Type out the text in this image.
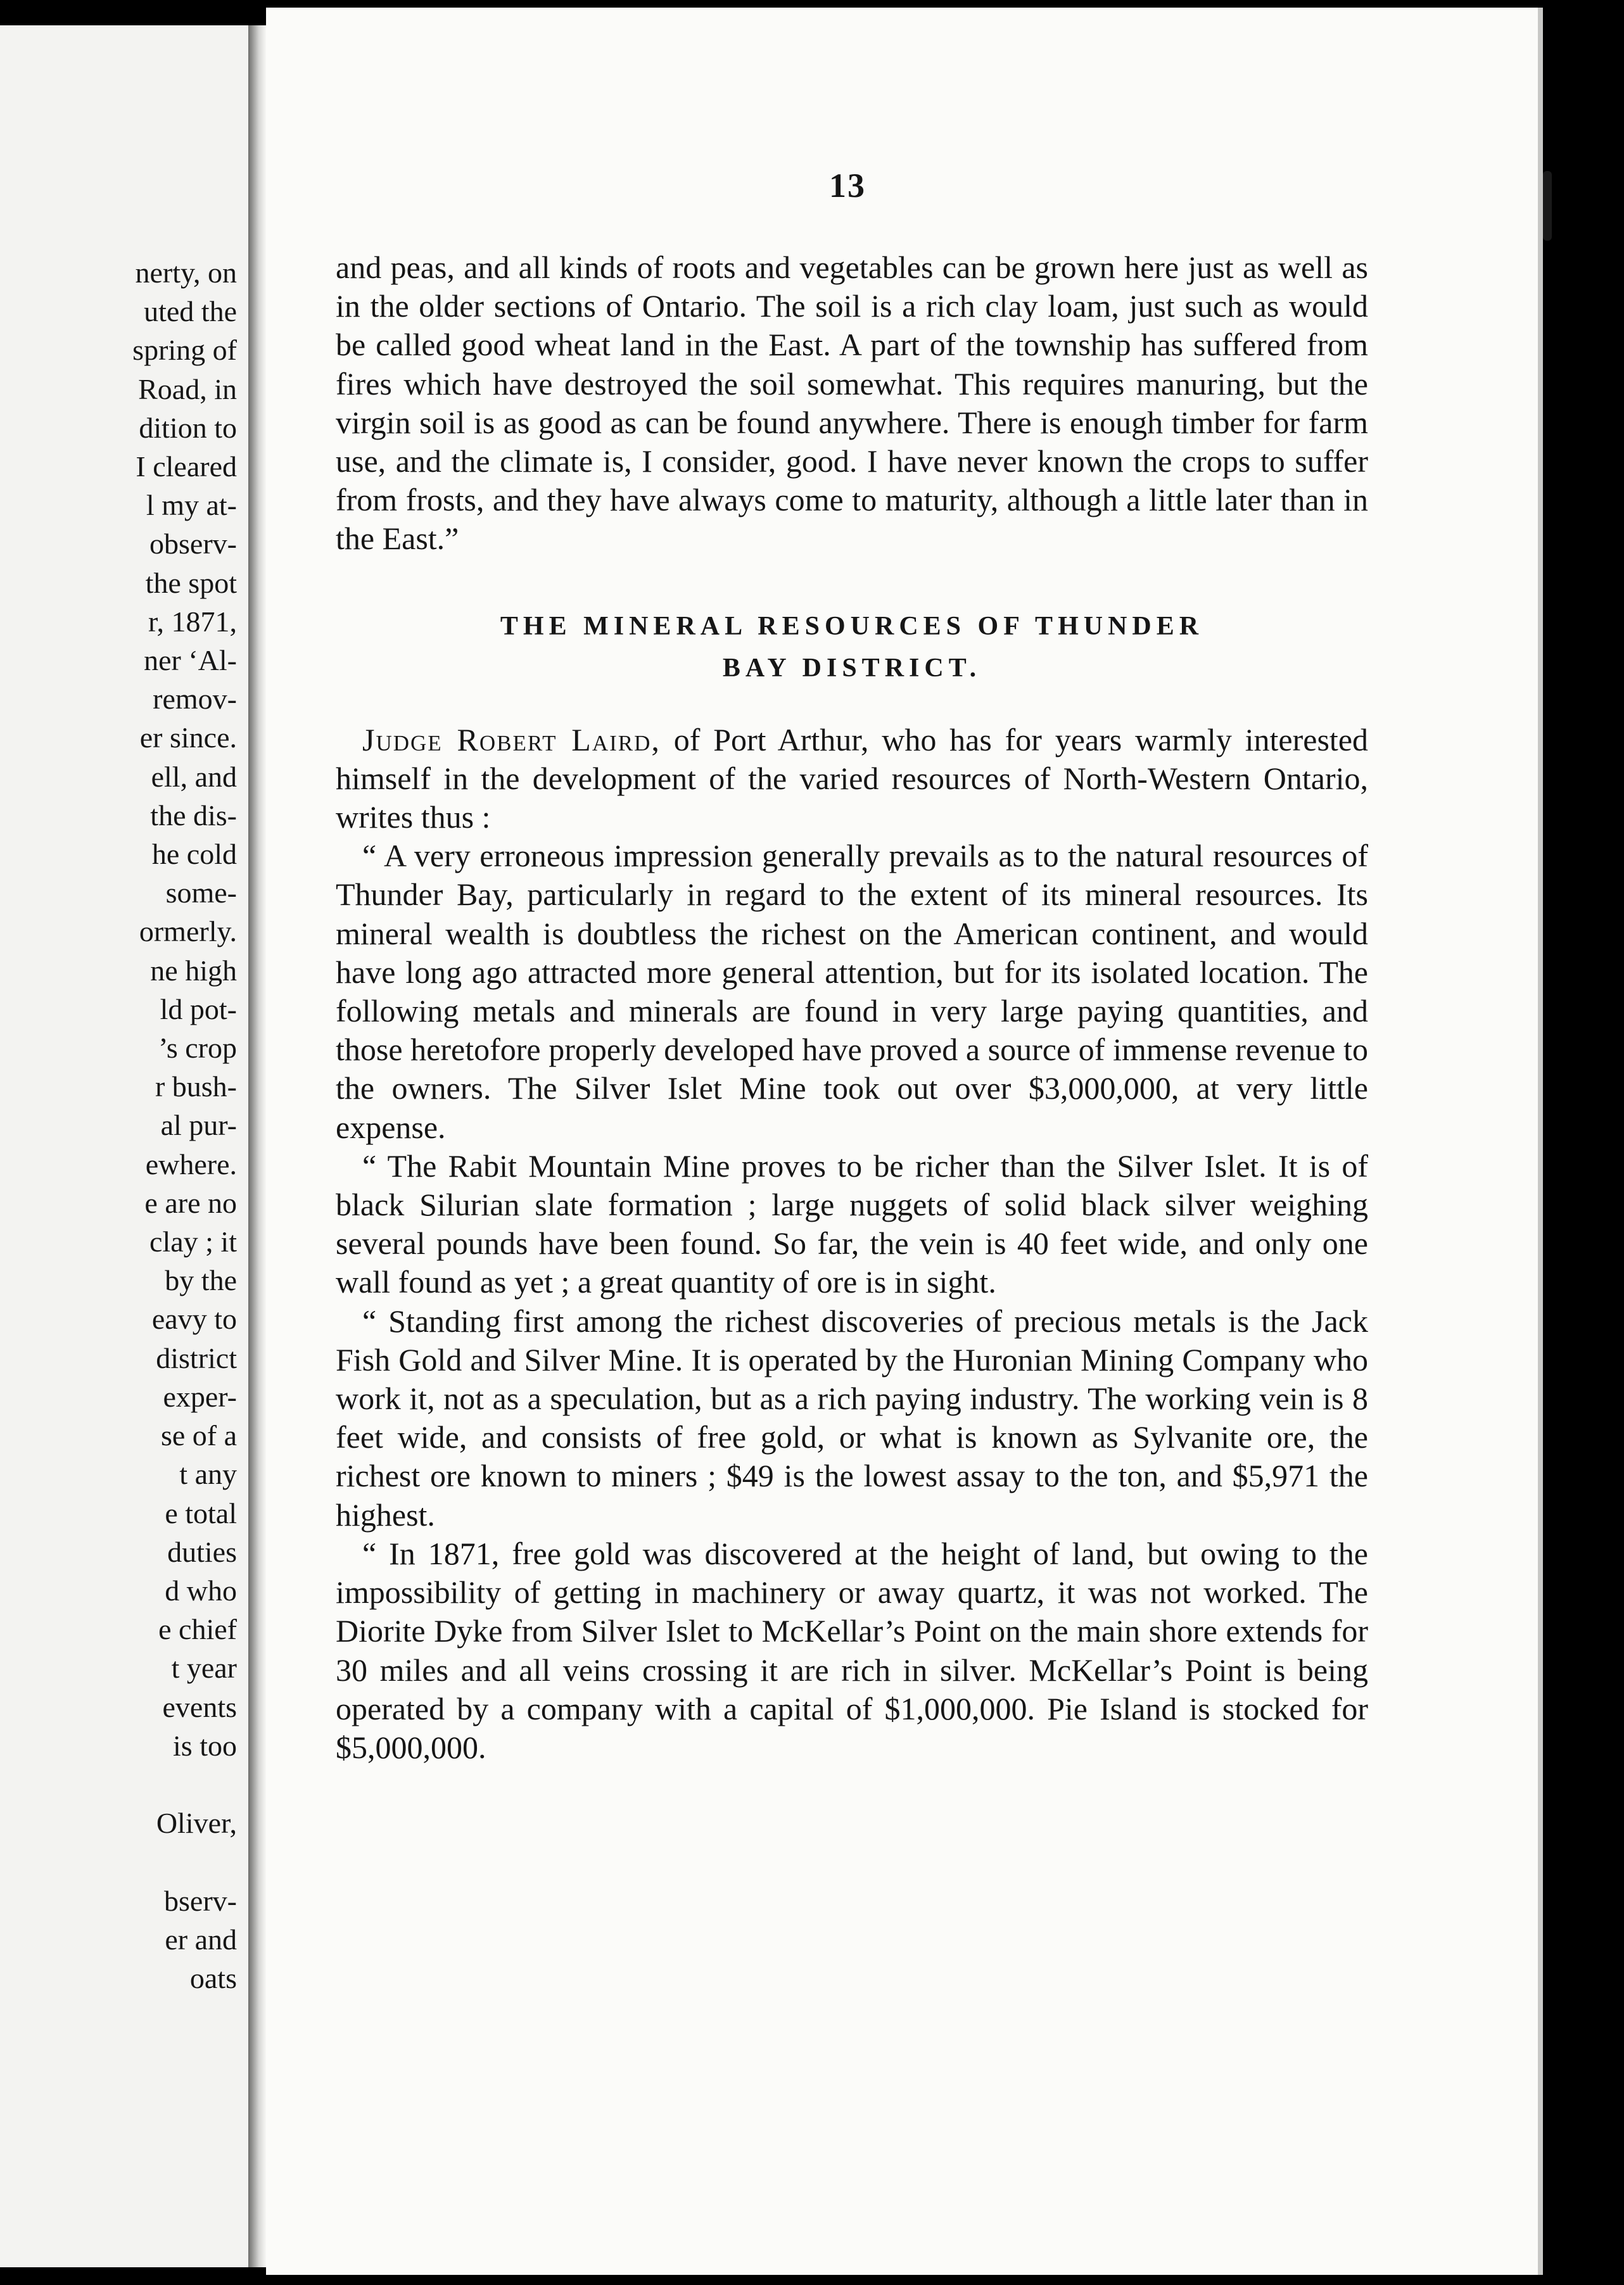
nerty, on
uted the
spring of
Road, in
dition to
I cleared
l my at-
observ-
the spot
r, 1871,
ner ‘Al-
remov-
er since.
ell, and
the dis-
he cold
some-
ormerly.
ne high
ld pot-
’s crop
r bush-
al pur-
ewhere.
e are no
clay ; it
by the
eavy to
district
exper-
se of a
t any
e total
duties
d who
e chief
t year
events
is too

Oliver,

bserv-
er and
oats
13

and peas, and all kinds of roots and vegetables can be grown here just as well as in the older sections of Ontario. The soil is a rich clay loam, just such as would be called good wheat land in the East. A part of the township has suffered from fires which have destroyed the soil somewhat. This requires manuring, but the virgin soil is as good as can be found anywhere. There is enough timber for farm use, and the climate is, I consider, good. I have never known the crops to suffer from frosts, and they have always come to maturity, although a little later than in the East.”

THE MINERAL RESOURCES OF THUNDER
BAY DISTRICT.

Judge Robert Laird, of Port Arthur, who has for years warmly interested himself in the development of the varied resources of North-Western Ontario, writes thus :

“ A very erroneous impression generally prevails as to the natural resources of Thunder Bay, particularly in regard to the extent of its mineral resources. Its mineral wealth is doubtless the richest on the American continent, and would have long ago attracted more general attention, but for its isolated location. The following metals and minerals are found in very large paying quantities, and those heretofore properly developed have proved a source of immense revenue to the owners. The Silver Islet Mine took out over $3,000,000, at very little expense.

“ The Rabit Mountain Mine proves to be richer than the Silver Islet. It is of black Silurian slate formation ; large nuggets of solid black silver weighing several pounds have been found. So far, the vein is 40 feet wide, and only one wall found as yet ; a great quantity of ore is in sight.

“ Standing first among the richest discoveries of precious metals is the Jack Fish Gold and Silver Mine. It is operated by the Huronian Mining Company who work it, not as a speculation, but as a rich paying industry. The working vein is 8 feet wide, and consists of free gold, or what is known as Sylvanite ore, the richest ore known to miners ; $49 is the lowest assay to the ton, and $5,971 the highest.

“ In 1871, free gold was discovered at the height of land, but owing to the impossibility of getting in machinery or away quartz, it was not worked. The Diorite Dyke from Silver Islet to McKellar’s Point on the main shore extends for 30 miles and all veins crossing it are rich in silver. McKellar’s Point is being operated by a company with a capital of $1,000,000. Pie Island is stocked for $5,000,000.
